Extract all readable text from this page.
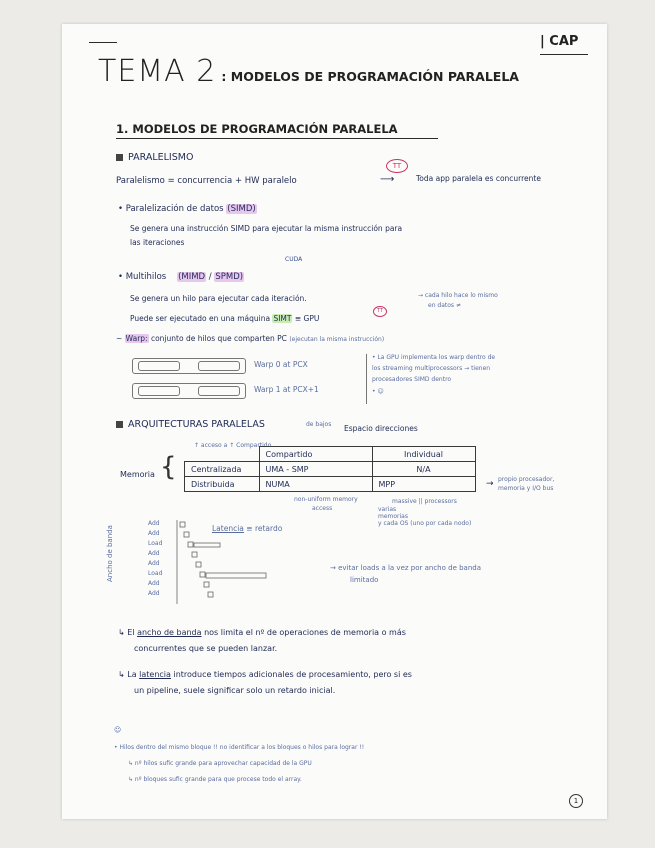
| CAP
TEMA 2 : MODELOS DE PROGRAMACIÓN PARALELA
1. MODELOS DE PROGRAMACIÓN PARALELA
PARALELISMO
Paralelismo = concurrencia + HW paralelo
TT
⟶	Toda app paralela es concurrente
• Paralelización de datos (SIMD)
Se genera una instrucción SIMD para ejecutar la misma instrucción para
las iteraciones
CUDA
• Multihilos (MIMD / SPMD)
Se genera un hilo para ejecutar cada iteración.	→ cada hilo hace lo mismo
en datos ≠
Puede ser ejecutado en una máquina SIMT ≡ GPU
TT
~ Warp: conjunto de hilos que comparten PC (ejecutan la misma instrucción)
Warp 0 at PCX
Warp 1 at PCX+1
• La GPU implementa los warp dentro de
los streaming multiprocessors → tienen
procesadores SIMD dentro
• ☺
ARQUITECTURAS PARALELAS	de bajos Espacio direcciones
↑ acceso a ↑ Compartido
Memoria {
		Compartido	Individual
Centralizada	UMA - SMP	N/A
Distribuida	NUMA	MPP
non-uniform memory
access
massive || processors
varias
memorias
y cada OS (uno por cada nodo)
→ propio procesador,
memoria y I/O bus
Ancho de banda
Add
Add
Load
Add
Add
Load
Add
Add
Latencia ≡ retardo
→ evitar loads a la vez por ancho de banda
limitado
↳ El ancho de banda nos limita el nº de operaciones de memoria o más
concurrentes que se pueden lanzar.
↳ La latencia introduce tiempos adicionales de procesamiento, pero si es
un pipeline, suele significar solo un retardo inicial.
☺
• Hilos dentro del mismo bloque !! no identificar a los bloques o hilos para lograr !!
↳ nº hilos sufic grande para aprovechar capacidad de la GPU
↳ nº bloques sufic grande para que procese todo el array.
1
